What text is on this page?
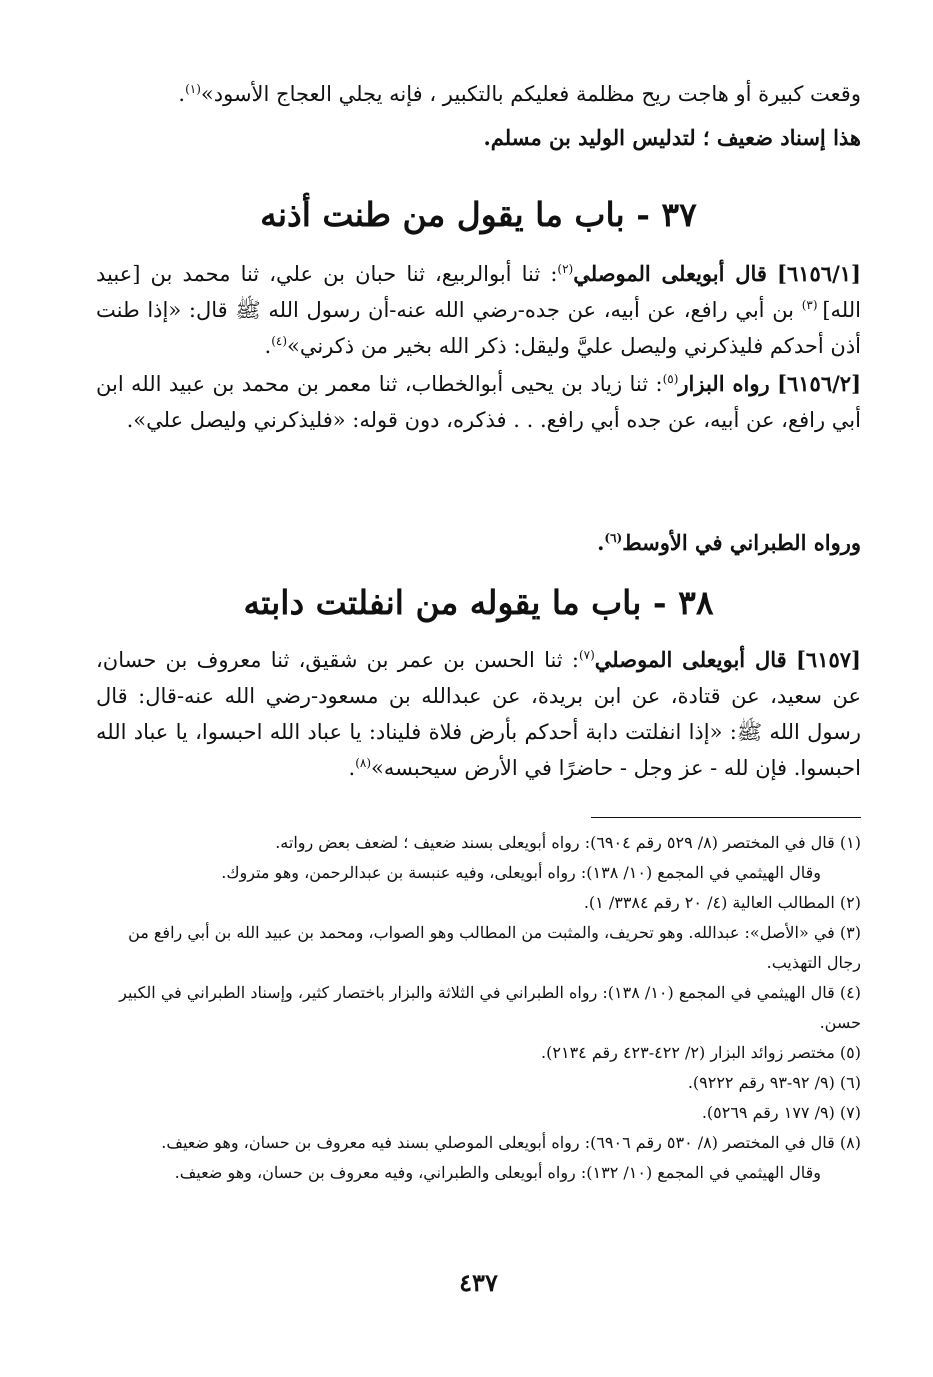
وقعت كبيرة أو هاجت ريح مظلمة فعليكم بالتكبير ، فإنه يجلي العجاج الأسود»$^{(١)}$.
هذا إسناد ضعيف ؛ لتدليس الوليد بن مسلم.
٣٧ - باب ما يقول من طنت أذنه
[٦١٥٦/١] قال أبويعلى الموصلي$^{(٢)}$: ثنا أبوالربيع، ثنا حبان بن علي، ثنا محمد بن [عبيد الله] $^{(٣)}$ بن أبي رافع، عن أبيه، عن جده-رضي الله عنه-أن رسول الله ﷺ قال: «إذا طنت أذن أحدكم فليذكرني وليصل عليَّ وليقل: ذكر الله بخير من ذكرني»$^{(٤)}$.
[٦١٥٦/٢] رواه البزار$^{(٥)}$: ثنا زياد بن يحيى أبوالخطاب، ثنا معمر بن محمد بن عبيد الله ابن أبي رافع، عن أبيه، عن جده أبي رافع. . . فذكره، دون قوله: «فليذكرني وليصل علي».
ورواه الطبراني في الأوسط$^{(٦)}$.
٣٨ - باب ما يقوله من انفلتت دابته
[٦١٥٧] قال أبويعلى الموصلي$^{(٧)}$: ثنا الحسن بن عمر بن شقيق، ثنا معروف بن حسان، عن سعيد، عن قتادة، عن ابن بريدة، عن عبدالله بن مسعود-رضي الله عنه-قال: قال رسول الله ﷺ: «إذا انفلتت دابة أحدكم بأرض فلاة فليناد: يا عباد الله احبسوا، يا عباد الله احبسوا. فإن لله - عز وجل - حاضرًا في الأرض سيحبسه»$^{(٨)}$.

(١) قال في المختصر (٨/ ٥٢٩ رقم ٦٩٠٤): رواه أبويعلى بسند ضعيف ؛ لضعف بعض رواته.

وقال الهيثمي في المجمع (١٠/ ١٣٨): رواه أبويعلى، وفيه عنبسة بن عبدالرحمن، وهو متروك.

(٢) المطالب العالية (٤/ ٢٠ رقم ٣٣٨٤/ ١).

(٣) في «الأصل»: عبدالله. وهو تحريف، والمثبت من المطالب وهو الصواب، ومحمد بن عبيد الله بن أبي رافع من رجال التهذيب.

(٤) قال الهيثمي في المجمع (١٠/ ١٣٨): رواه الطبراني في الثلاثة والبزار باختصار كثير، وإسناد الطبراني في الكبير حسن.

(٥) مختصر زوائد البزار (٢/ ٤٢٢-٤٢٣ رقم ٢١٣٤).

(٦) (٩/ ٩٢-٩٣ رقم ٩٢٢٢).

(٧) (٩/ ١٧٧ رقم ٥٢٦٩).

(٨) قال في المختصر (٨/ ٥٣٠ رقم ٦٩٠٦): رواه أبويعلى الموصلي بسند فيه معروف بن حسان، وهو ضعيف.

وقال الهيثمي في المجمع (١٠/ ١٣٢): رواه أبويعلى والطبراني، وفيه معروف بن حسان، وهو ضعيف.

٤٣٧
